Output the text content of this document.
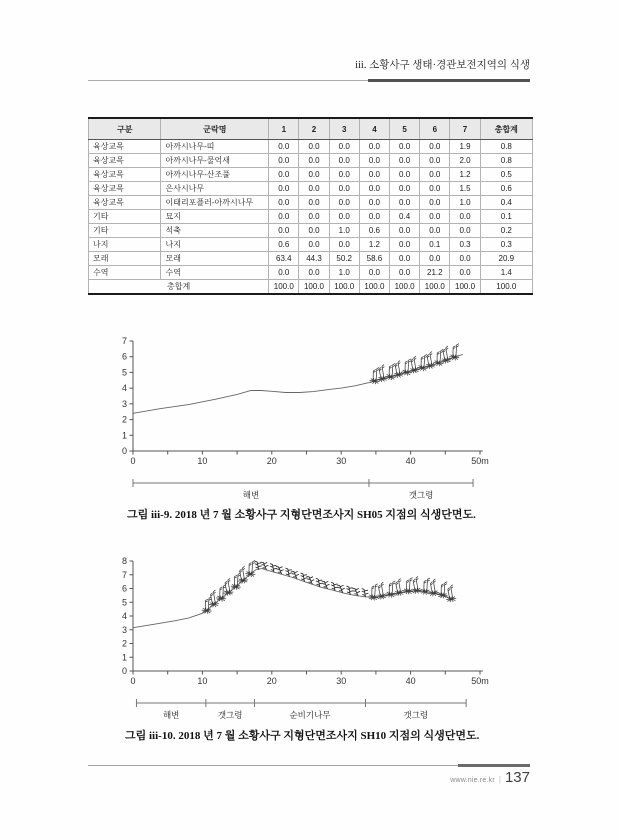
iii. 소황사구 생태·경관보전지역의 식생
구분	군락명	1	2	3	4	5	6	7	총합계
육상교목	아까시나무-띠	0.0	0.0	0.0	0.0	0.0	0.0	1.9	0.8
육상교목	아까시나무-물억새	0.0	0.0	0.0	0.0	0.0	0.0	2.0	0.8
육상교목	아까시나무-산조풀	0.0	0.0	0.0	0.0	0.0	0.0	1.2	0.5
육상교목	은사시나무	0.0	0.0	0.0	0.0	0.0	0.0	1.5	0.6
육상교목	이태리포플러-아까시나무	0.0	0.0	0.0	0.0	0.0	0.0	1.0	0.4
기타	묘지	0.0	0.0	0.0	0.0	0.4	0.0	0.0	0.1
기타	석축	0.0	0.0	1.0	0.6	0.0	0.0	0.0	0.2
나지	나지	0.6	0.0	0.0	1.2	0.0	0.1	0.3	0.3
모래	모래	63.4	44.3	50.2	58.6	0.0	0.0	0.0	20.9
수역	수역	0.0	0.0	1.0	0.0	0.0	21.2	0.0	1.4
총합계		100.0	100.0	100.0	100.0	100.0	100.0	100.0	100.0
0
1
2
3
4
5
6
7
0	10	20	30	40	50m
해변	갯그령
그림 iii-9. 2018 년 7 월 소황사구 지형단면조사지 SH05 지점의 식생단면도.
0
1
2
3
4
5
6
7
8
0	10	20	30	40	50m
해변	갯그령	순비기나무	갯그령
그림 iii-10. 2018 년 7 월 소황사구 지형단면조사지 SH10 지점의 식생단면도.
www.nie.re.kr | 137
